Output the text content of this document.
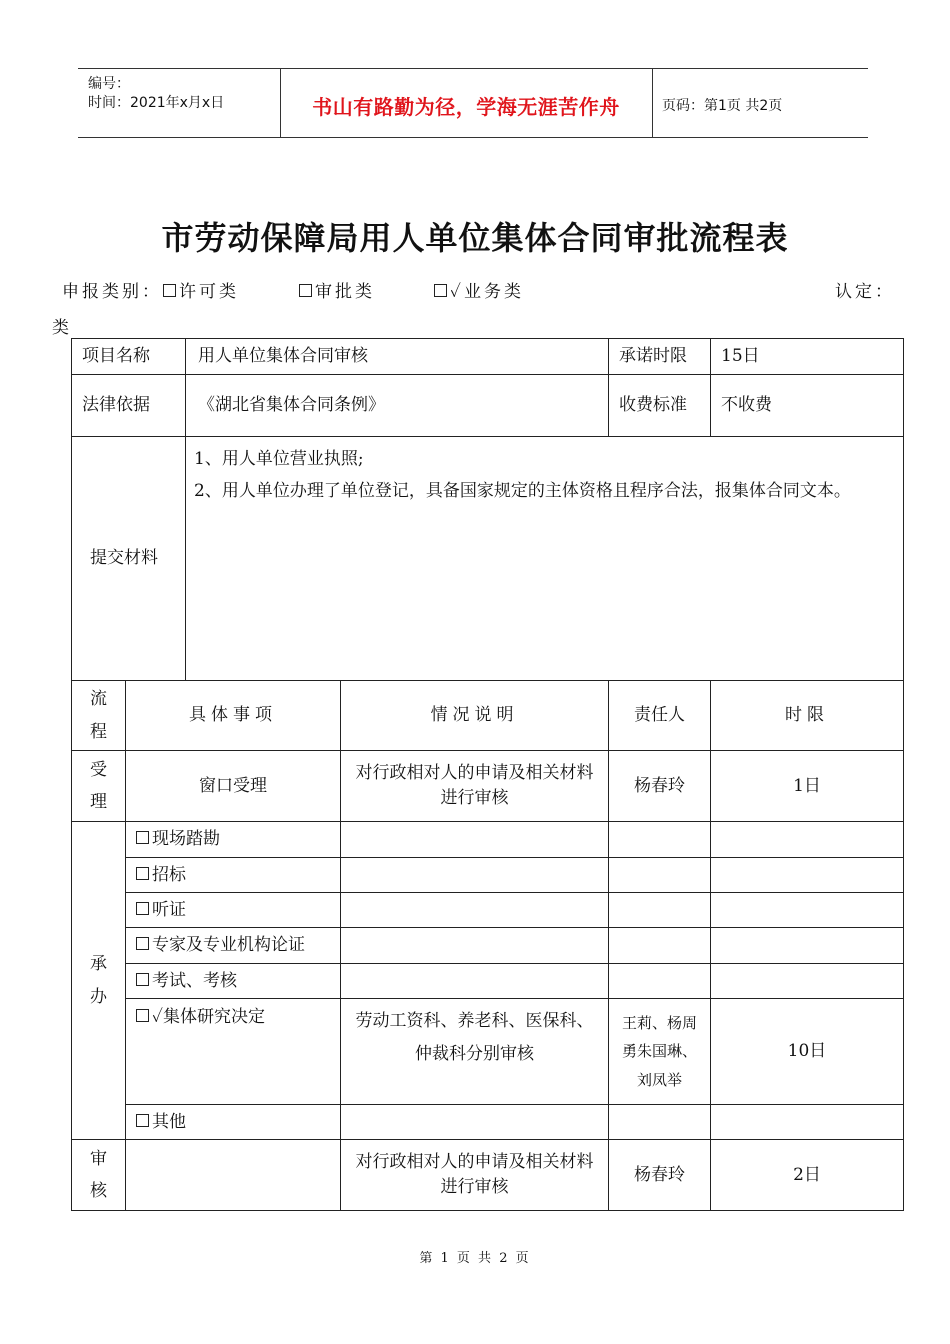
编号：
时间：2021年x月x日	书山有路勤为径，学海无涯苦作舟	页码：第1页 共2页
市劳动保障局用人单位集体合同审批流程表
申报类别：	许可类	审批类	✓业务类	认定：
类
项目名称		用人单位集体合同审核		承诺时限	15日
法律依据		《湖北省集体合同条例》		收费标准	不收费
提交材料		1、用人单位营业执照;
2、用人单位办理了单位登记，具备国家规定的主体资格且程序合法，报集体合同文本。			

流
程	具体事项		情况说明	责任人	时限

受
理	窗口受理		对行政相对人的申请及相关材料进行审核	杨春玲	1日

承
办	现场踏勘				
	招标				
	听证				
	专家及专业机构论证				
	考试、考核				
	✓集体研究决定		劳动工资科、养老科、医保科、仲裁科分别审核	王莉、杨周勇朱国琳、刘凤举	10日
	其他				

审
核			对行政相对人的申请及相关材料进行审核	杨春玲	2日
第 1 页 共 2 页
